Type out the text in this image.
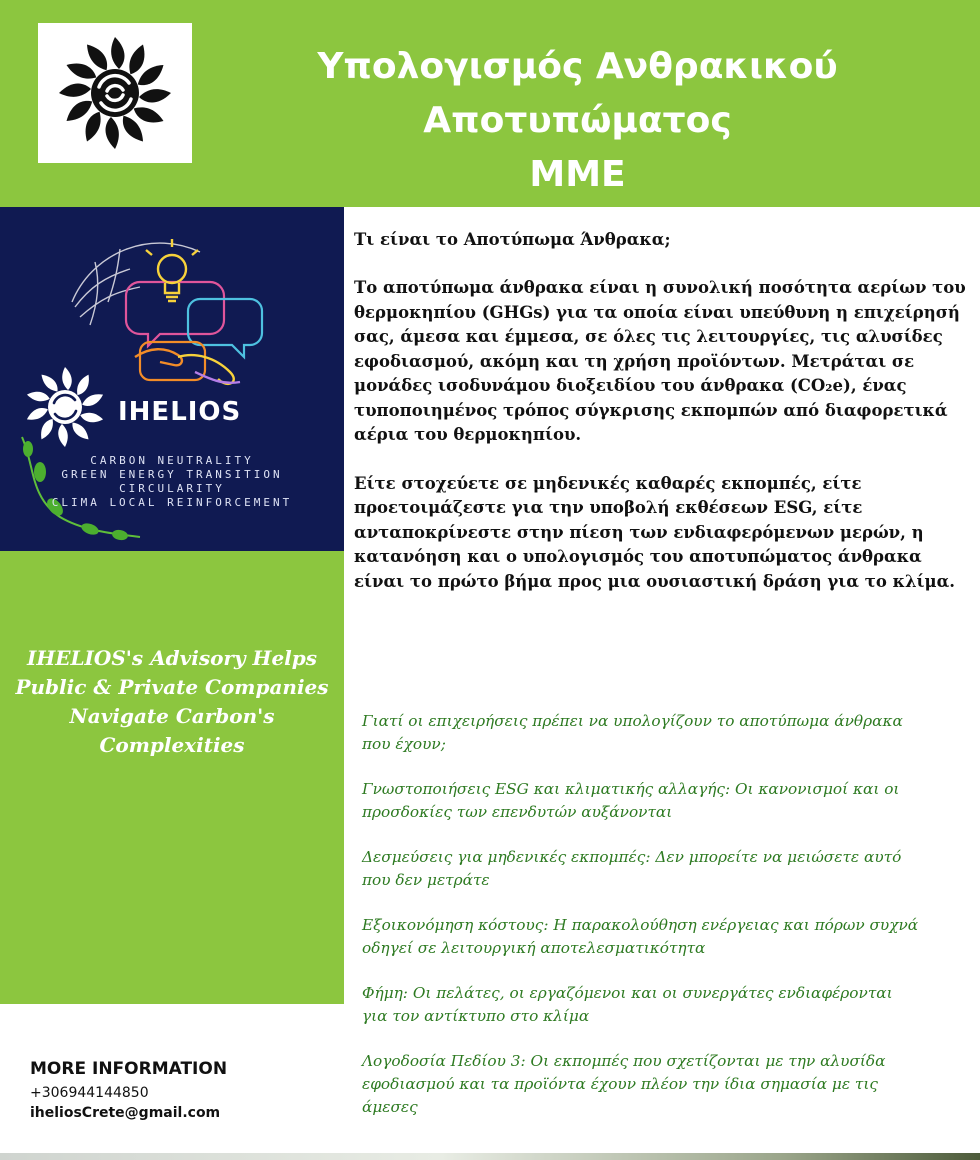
Υπολογισμός Ανθρακικού
Αποτυπώματος
ΜΜΕ
IHELIOS
CARBON NEUTRALITY
GREEN ENERGY TRANSITION
CIRCULARITY
CLIMA LOCAL REINFORCEMENT
IHELIOS's Advisory Helps Public & Private Companies Navigate Carbon's Complexities
MORE INFORMATION
+306944144850
iheliosCrete@gmail.com

Τι είναι το Αποτύπωμα Άνθρακα;

Το αποτύπωμα άνθρακα είναι η συνολική ποσότητα αερίων του θερμοκηπίου (GHGs) για τα οποία είναι υπεύθυνη η επιχείρησή σας, άμεσα και έμμεσα, σε όλες τις λειτουργίες, τις αλυσίδες εφοδιασμού, ακόμη και τη χρήση προϊόντων. Μετράται σε μονάδες ισοδυνάμου διοξειδίου του άνθρακα (CO₂e), ένας τυποποιημένος τρόπος σύγκρισης εκπομπών από διαφορετικά αέρια του θερμοκηπίου.

Είτε στοχεύετε σε μηδενικές καθαρές εκπομπές, είτε προετοιμάζεστε για την υποβολή εκθέσεων ESG, είτε ανταποκρίνεστε στην πίεση των ενδιαφερόμενων μερών, η κατανόηση και ο υπολογισμός του αποτυπώματος άνθρακα είναι το πρώτο βήμα προς μια ουσιαστική δράση για το κλίμα.

Γιατί οι επιχειρήσεις πρέπει να υπολογίζουν το αποτύπωμα άνθρακα που έχουν;

Γνωστοποιήσεις ESG και κλιματικής αλλαγής: Οι κανονισμοί και οι προσδοκίες των επενδυτών αυξάνονται

Δεσμεύσεις για μηδενικές εκπομπές: Δεν μπορείτε να μειώσετε αυτό που δεν μετράτε

Εξοικονόμηση κόστους: Η παρακολούθηση ενέργειας και πόρων συχνά οδηγεί σε λειτουργική αποτελεσματικότητα

Φήμη: Οι πελάτες, οι εργαζόμενοι και οι συνεργάτες ενδιαφέρονται για τον αντίκτυπο στο κλίμα

Λογοδοσία Πεδίου 3: Οι εκπομπές που σχετίζονται με την αλυσίδα εφοδιασμού και τα προϊόντα έχουν πλέον την ίδια σημασία με τις άμεσες
